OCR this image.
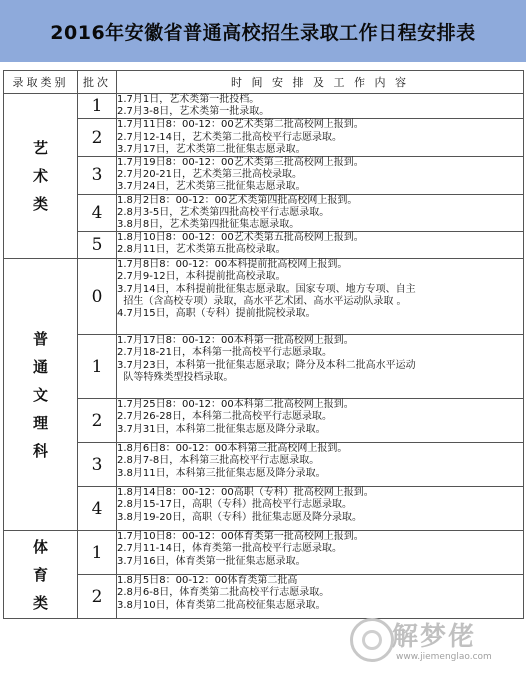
2016年安徽省普通高校招生录取工作日程安排表
录取类别	批次	时 间 安 排 及 工 作 内 容

艺
术
类	1	1.7月1日，艺术类第一批投档。
2.7月3-8日，艺术类第一批录取。

	2	1.7月11日8：00-12：00艺术类第二批高校网上报到。
2.7月12-14日，艺术类第二批高校平行志愿录取。
3.7月17日，艺术类第二批征集志愿录取。

	3	1.7月19日8：00-12：00艺术类第三批高校网上报到。
2.7月20-21日，艺术类第三批高校录取。
3.7月24日，艺术类第三批征集志愿录取。

	4	1.8月2日8：00-12：00艺术类第四批高校网上报到。
2.8月3-5日，艺术类第四批高校平行志愿录取。
3.8月8日，艺术类第四批征集志愿录取。

	5	1.8月10日8：00-12：00艺术类第五批高校网上报到。
2.8月11日，艺术类第五批高校录取。

普
通
文
理
科	0	1.7月8日8：00-12：00本科提前批高校网上报到。
2.7月9-12日，本科提前批高校录取。
3.7月14日，本科提前批征集志愿录取。国家专项、地方专项、自主
招生（含高校专项）录取，高水平艺术团、高水平运动队录取 。
4.7月15日，高职（专科）提前批院校录取。

	1	1.7月17日8：00-12：00本科第一批高校网上报到。
2.7月18-21日，本科第一批高校平行志愿录取。
3.7月23日，本科第一批征集志愿录取；降分及本科二批高水平运动
队等特殊类型投档录取。

	2	1.7月25日8：00-12：00本科第二批高校网上报到。
2.7月26-28日，本科第二批高校平行志愿录取。
3.7月31日，本科第二批征集志愿及降分录取。

	3	1.8月6日8：00-12：00本科第三批高校网上报到。
2.8月7-8日，本科第三批高校平行志愿录取。
3.8月11日，本科第三批征集志愿及降分录取。

	4	1.8月14日8：00-12：00高职（专科）批高校网上报到。
2.8月15-17日，高职（专科）批高校平行志愿录取。
3.8月19-20日，高职（专科）批征集志愿及降分录取。

体
育
类	1	1.7月10日8：00-12：00体育类第一批高校网上报到。
2.7月11-14日，体育类第一批高校平行志愿录取。
3.7月16日，体育类第一批征集志愿录取。

	2	1.8月5日8：00-12：00体育类第二批高
2.8月6-8日，体育类第二批高校平行志愿录取。
3.8月10日，体育类第二批高校征集志愿录取。
解梦佬
www.jiemenglao.com
